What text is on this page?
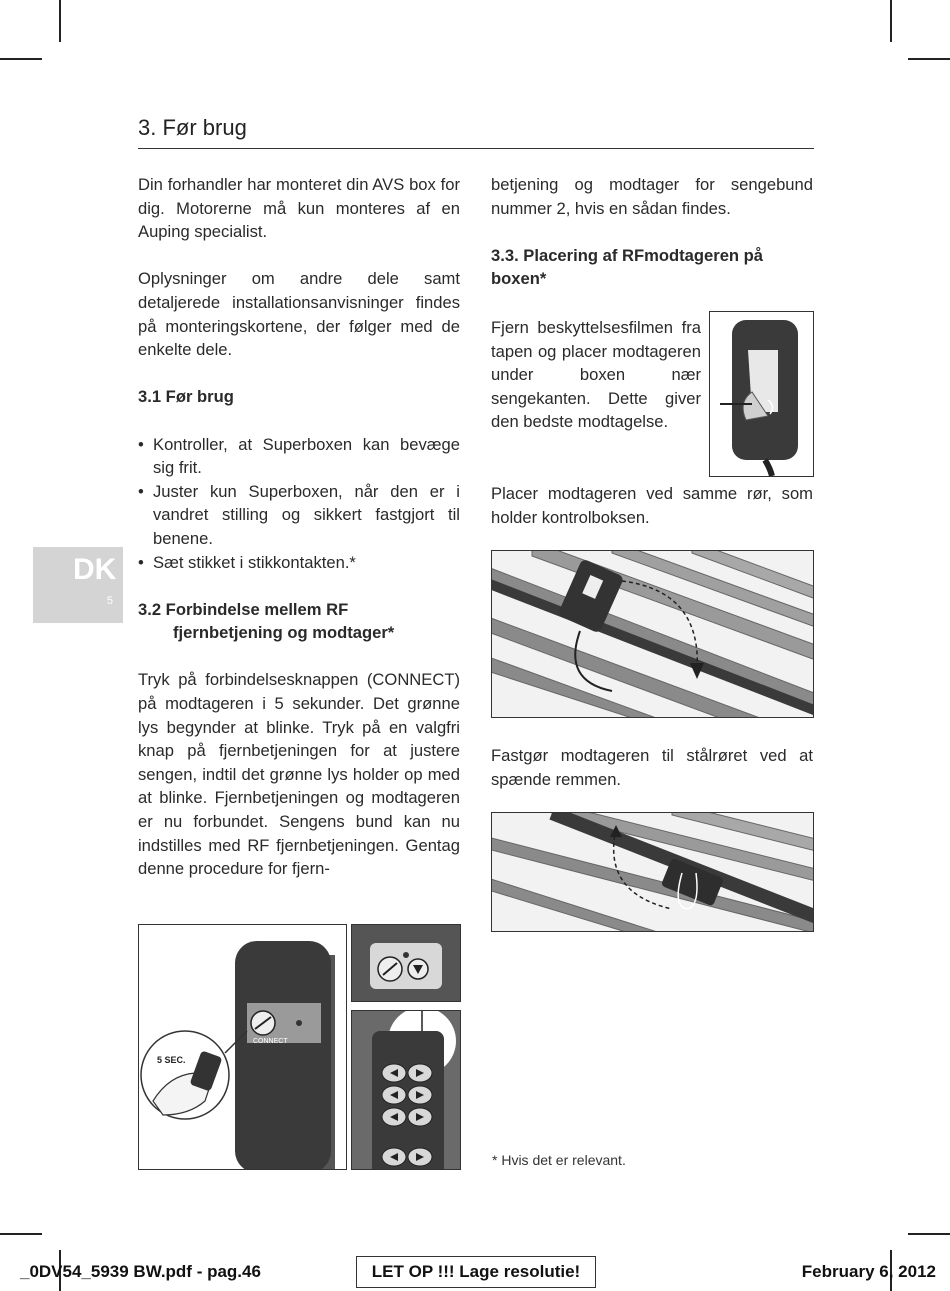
3. Før brug
DK
5

Din forhandler har monteret din AVS box for dig. Motorerne må kun monteres af en Auping specialist.

Oplysninger om andre dele samt detaljerede installationsanvisninger findes på monteringskortene, der følger med de enkelte dele.

3.1 Før brug
• Kontroller, at Superboxen kan bevæge sig frit.
• Juster kun Superboxen, når den er i vandret stilling og sikkert fastgjort til benene.
• Sæt stikket i stikkontakten.*
3.2 Forbindelse mellem RF
fjernbetjening og modtager*

Tryk på forbindelsesknappen (CONNECT) på modtageren i 5 sekunder. Det grønne lys begynder at blinke. Tryk på en valgfri knap på fjernbetjeningen for at justere sengen, indtil det grønne lys holder op med at blinke. Fjernbetjeningen og modtageren er nu forbundet. Sengens bund kan nu indstilles med RF fjernbetjeningen. Gentag denne procedure for fjern-

betjening og modtager for sengebund nummer 2, hvis en sådan findes.

3.3. Placering af RFmodtageren på boxen*

Fjern beskyttelsesfilmen fra tapen og placer modtageren under boxen nær sengekanten. Dette giver den bedste modtagelse.

Placer modtageren ved samme rør, som holder kontrolboksen.

Fastgør modtageren til stålrøret ved at spænde remmen.

* Hvis det er relevant.
CONNECT
5 SEC.
_0DV54_5939 BW.pdf - pag.46	LET OP !!! Lage resolutie!	February 6, 2012
